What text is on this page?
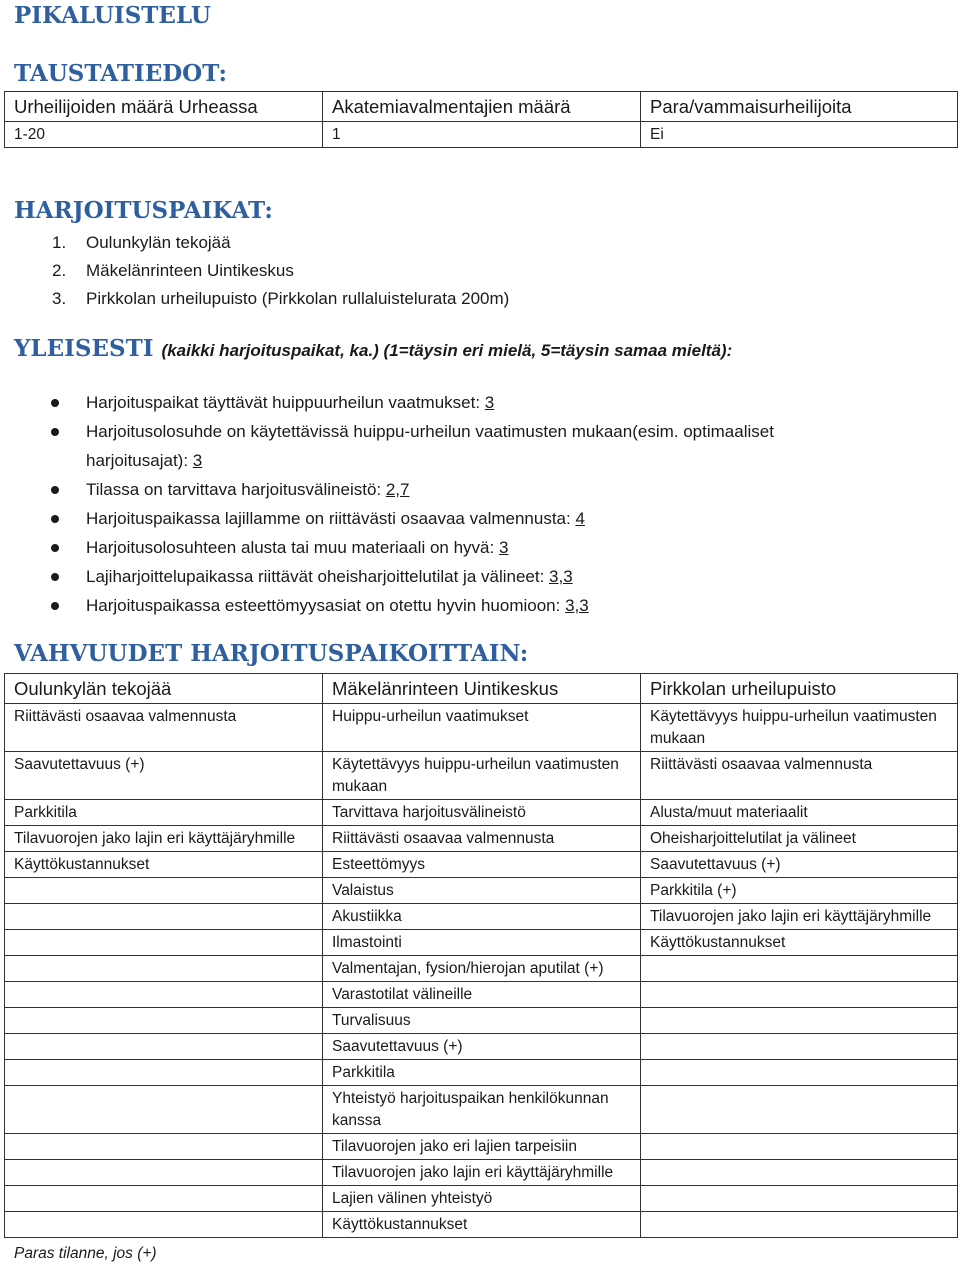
PIKALUISTELU
TAUSTATIEDOT:
Urheilijoiden määrä Urheassa	Akatemiavalmentajien määrä	Para/vammaisurheilijoita
1-20	1	Ei
HARJOITUSPAIKAT:
1. Oulunkylän tekojää
2. Mäkelänrinteen Uintikeskus
3. Pirkkolan urheilupuisto (Pirkkolan rullaluistelurata 200m)
YLEISESTI (kaikki harjoituspaikat, ka.) (1=täysin eri mielä, 5=täysin samaa mieltä):
Harjoituspaikat täyttävät huippuurheilun vaatmukset: 3
Harjoitusolosuhde on käytettävissä huippu-urheilun vaatimusten mukaan(esim. optimaaliset harjoitusajat): 3
Tilassa on tarvittava harjoitusvälineistö: 2,7
Harjoituspaikassa lajillamme on riittävästi osaavaa valmennusta: 4
Harjoitusolosuhteen alusta tai muu materiaali on hyvä: 3
Lajiharjoittelupaikassa riittävät oheisharjoittelutilat ja välineet: 3,3
Harjoituspaikassa esteettömyysasiat on otettu hyvin huomioon: 3,3
VAHVUUDET HARJOITUSPAIKOITTAIN:
Oulunkylän tekojää	Mäkelänrinteen Uintikeskus	Pirkkolan urheilupuisto
Riittävästi osaavaa valmennusta	Huippu-urheilun vaatimukset	Käytettävyys huippu-urheilun vaatimusten mukaan
Saavutettavuus (+)	Käytettävyys huippu-urheilun vaatimusten mukaan	Riittävästi osaavaa valmennusta
Parkkitila	Tarvittava harjoitusvälineistö	Alusta/muut materiaalit
Tilavuorojen jako lajin eri käyttäjäryhmille	Riittävästi osaavaa valmennusta	Oheisharjoittelutilat ja välineet
Käyttökustannukset	Esteettömyys	Saavutettavuus (+)
	Valaistus	Parkkitila (+)
	Akustiikka	Tilavuorojen jako lajin eri käyttäjäryhmille
	Ilmastointi	Käyttökustannukset
	Valmentajan, fysion/hierojan aputilat (+)	
	Varastotilat välineille	
	Turvalisuus	
	Saavutettavuus (+)	
	Parkkitila	
	Yhteistyö harjoituspaikan henkilökunnan kanssa	
	Tilavuorojen jako eri lajien tarpeisiin	
	Tilavuorojen jako lajin eri käyttäjäryhmille	
	Lajien välinen yhteistyö	
	Käyttökustannukset	
Paras tilanne, jos (+)
